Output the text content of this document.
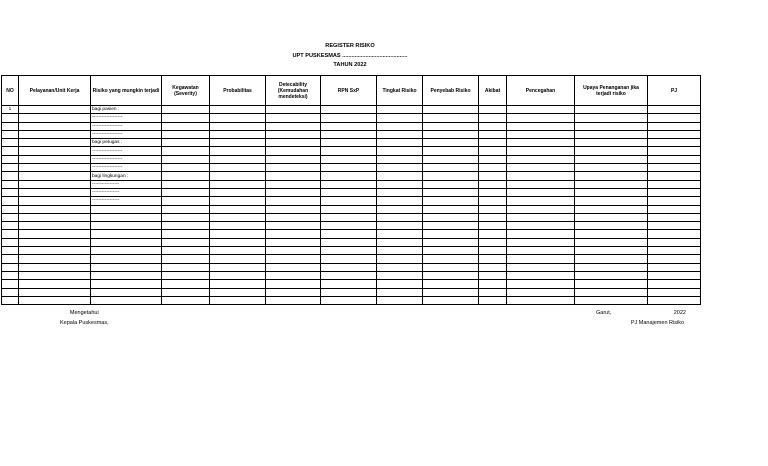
REGISTER RISIKO
UPT PUSKESMAS ..........................................
TAHUN 2022
NO	Pelayanan/Unit Kerja	Risiko yang mungkin terjadi	Kegawatan (Severity)	Probabilitas	Detecability (Kemudahan mendeteksi)	RPN SxP	Tingkat Risiko	Penyebab Risiko	Akibat	Pencegahan	Upaya Penanganan jika terjadi risiko	PJ
1		bagi pasien :										
		-------------------										
		-------------------										
		-------------------										
		bagi petugas :										
		-------------------										
		-------------------										
		-------------------										
		bagi lingkungan :										
		-----------------										
		-----------------										
		-----------------										

Mengetahui
Kepala Puskesmas,
Garut,	2022
PJ Manajemen Risiko
